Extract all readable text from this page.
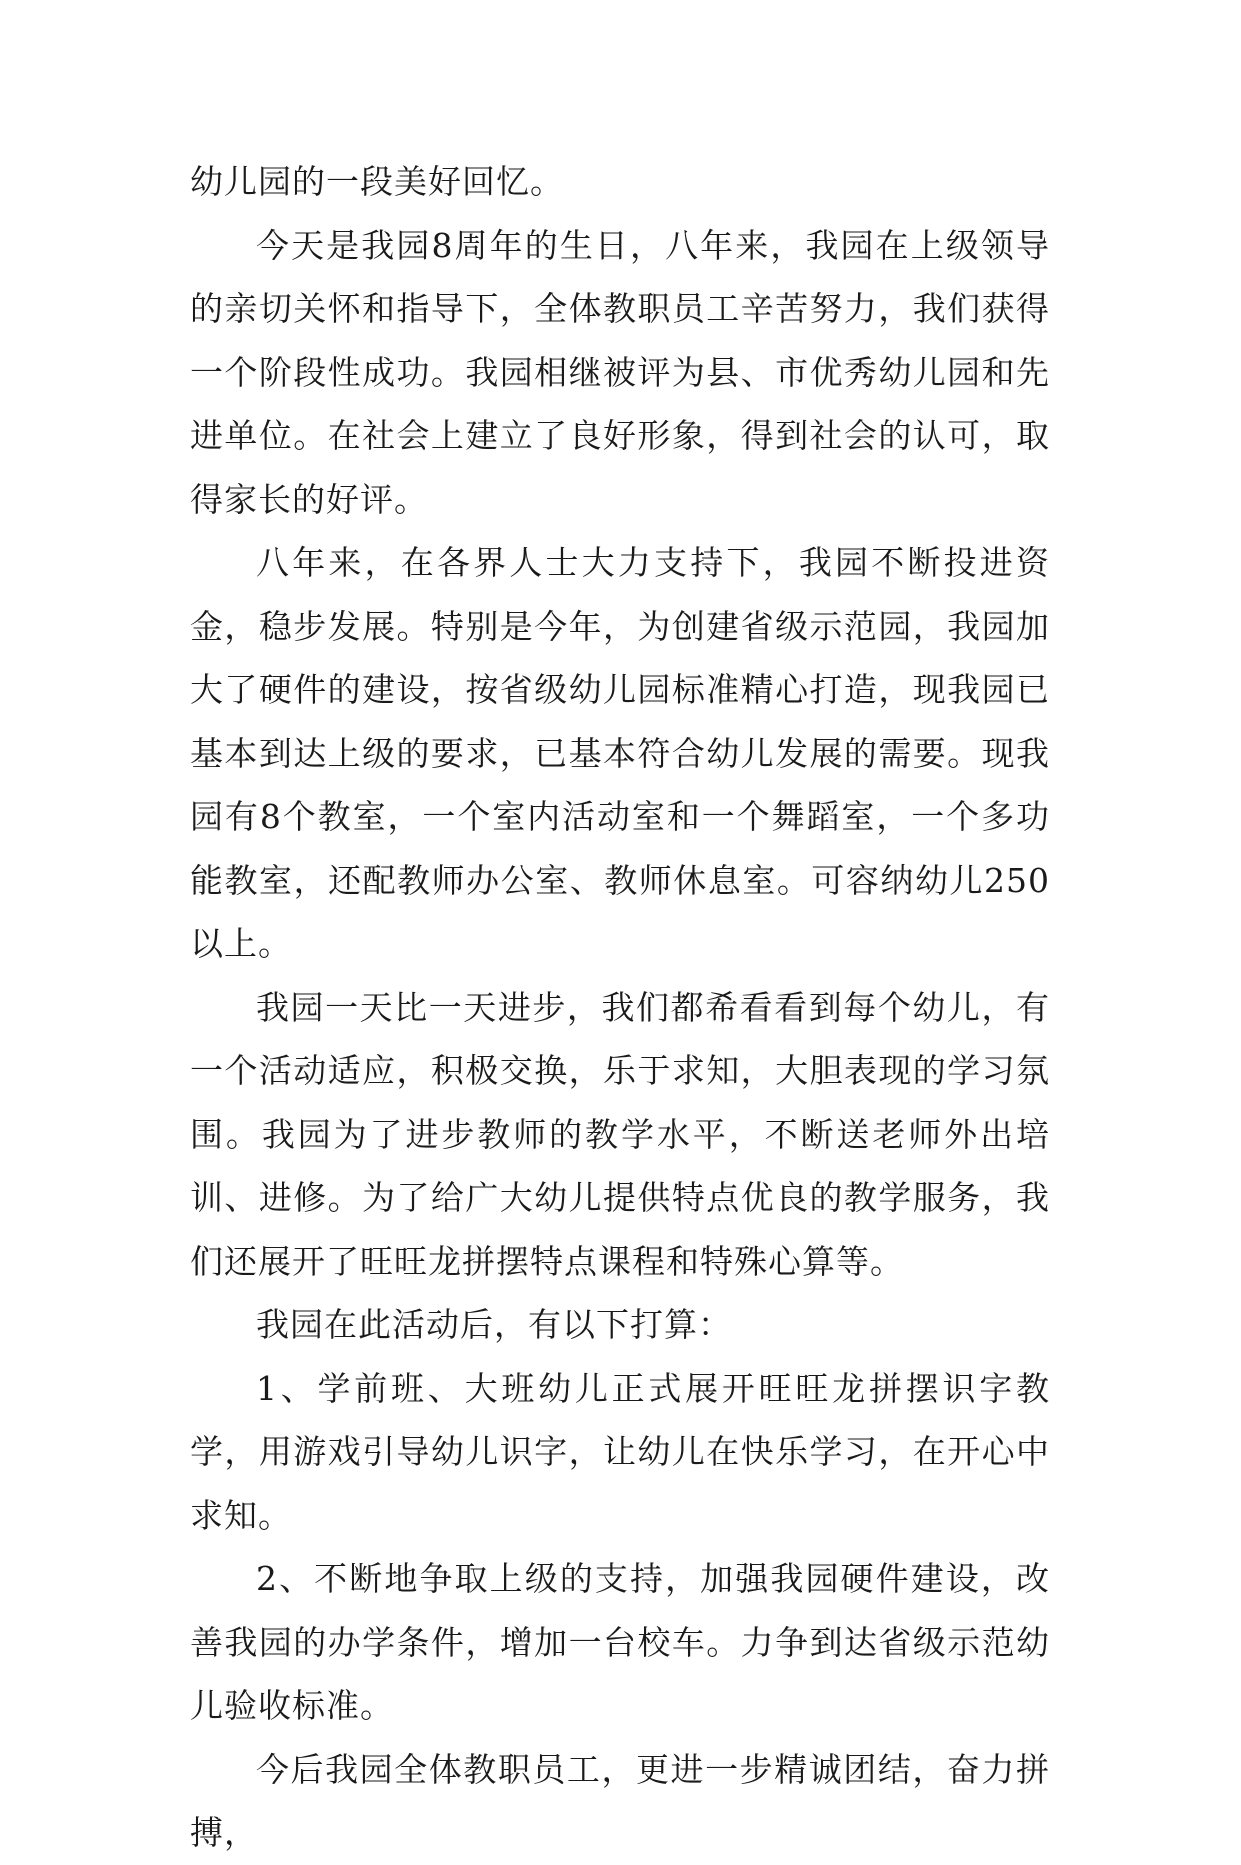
幼儿园的一段美好回忆。

今天是我园8周年的生日，八年来，我园在上级领导的亲切关怀和指导下，全体教职员工辛苦努力，我们获得一个阶段性成功。我园相继被评为县、市优秀幼儿园和先进单位。在社会上建立了良好形象，得到社会的认可，取得家长的好评。

八年来，在各界人士大力支持下，我园不断投进资金，稳步发展。特别是今年，为创建省级示范园，我园加大了硬件的建设，按省级幼儿园标准精心打造，现我园已基本到达上级的要求，已基本符合幼儿发展的需要。现我园有8个教室，一个室内活动室和一个舞蹈室，一个多功能教室，还配教师办公室、教师休息室。可容纳幼儿250以上。

我园一天比一天进步，我们都希看看到每个幼儿，有一个活动适应，积极交换，乐于求知，大胆表现的学习氛围。我园为了进步教师的教学水平，不断送老师外出培训、进修。为了给广大幼儿提供特点优良的教学服务，我们还展开了旺旺龙拼摆特点课程和特殊心算等。

我园在此活动后，有以下打算：

1、学前班、大班幼儿正式展开旺旺龙拼摆识字教学，用游戏引导幼儿识字，让幼儿在快乐学习，在开心中求知。

2、不断地争取上级的支持，加强我园硬件建设，改善我园的办学条件，增加一台校车。力争到达省级示范幼儿验收标准。

今后我园全体教职员工，更进一步精诚团结，奋力拼搏，
